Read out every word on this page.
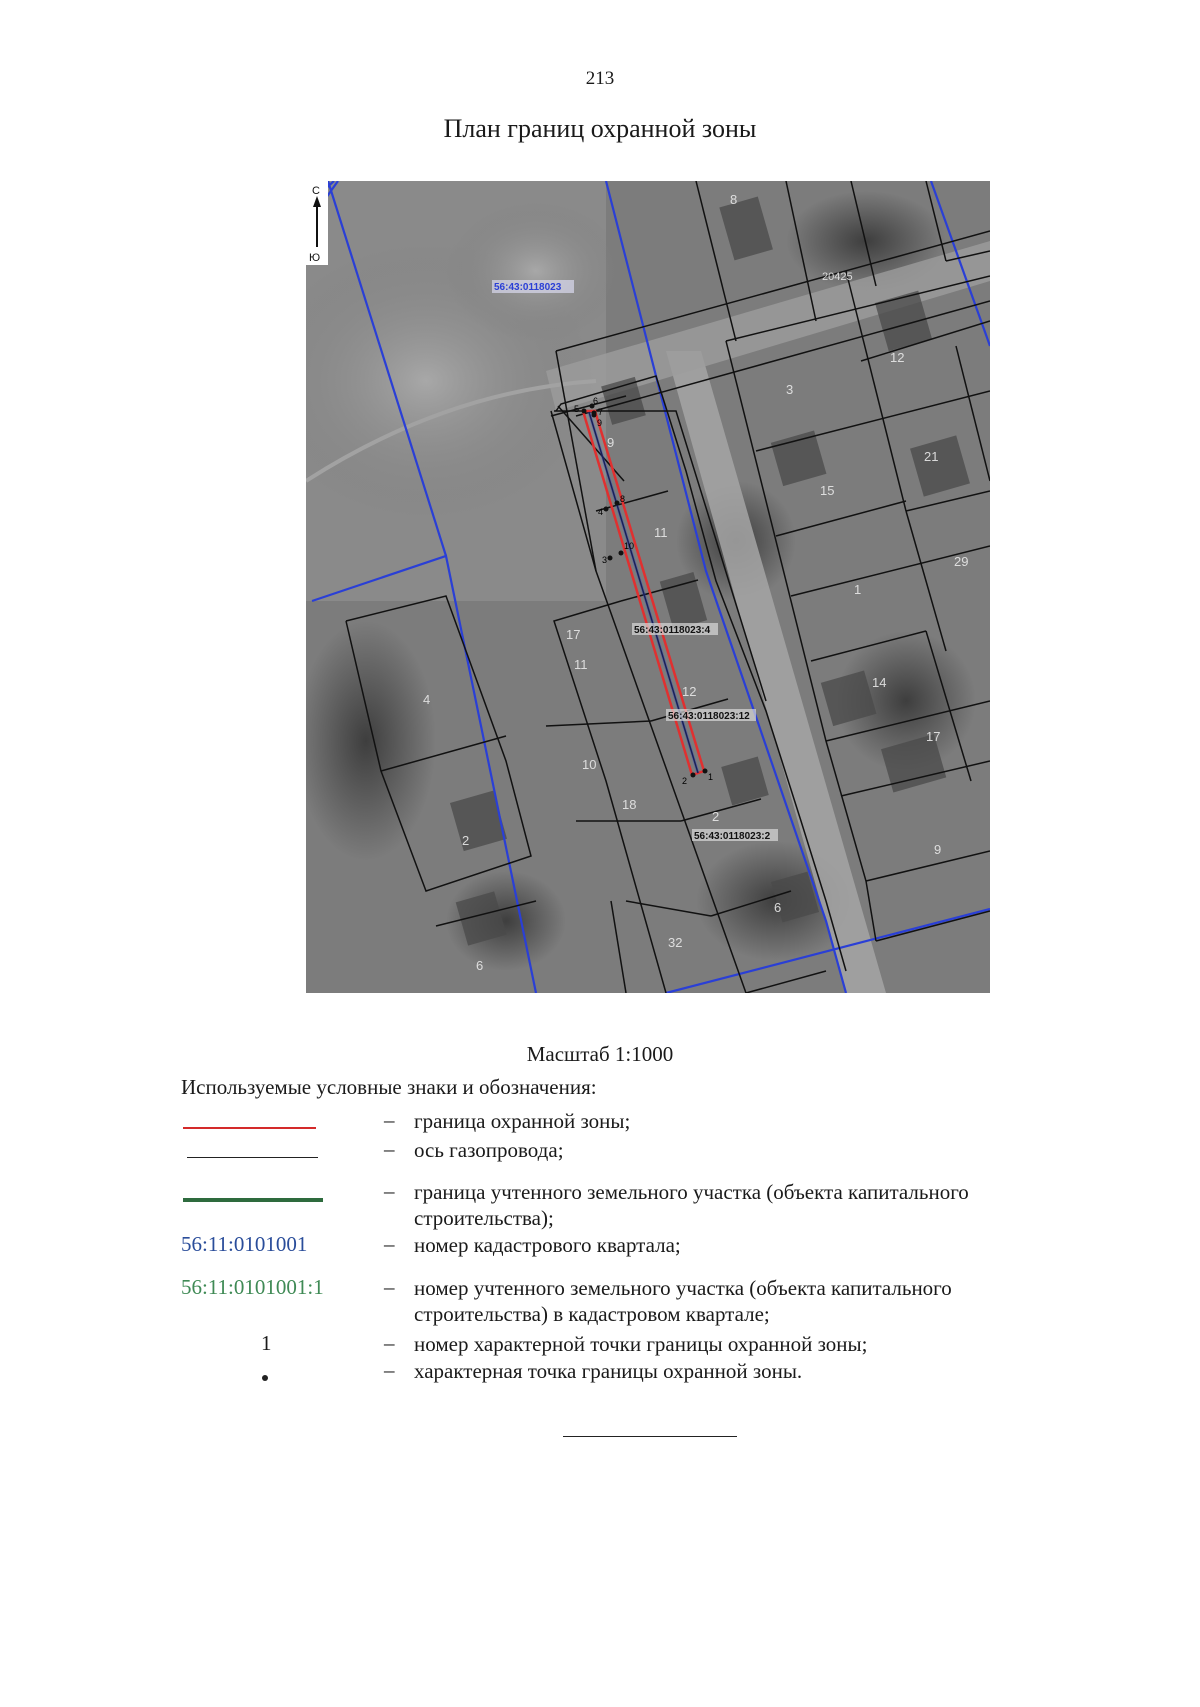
213
План границ охранной зоны
1
2
3
4
5
6
7
8
9
10
8
20425
12
3
21
15
29
1
9
14
17
9
11
12
17
11
4
10
18
2
2
6
32
6
56:43:0118023:4
56:43:0118023:12
56:43:0118023:2
56:43:0118023
С
Ю
Масштаб 1:1000
Используемые условные знаки и обозначения:
– граница охранной зоны;
– ось газопровода;
– граница учтенного земельного участка (объекта капитального строительства);
56:11:0101001	– номер кадастрового квартала;
56:11:0101001:1	– номер учтенного земельного участка (объекта капитального строительства) в кадастровом квартале;
1	– номер характерной точки границы охранной зоны;
– характерная точка границы охранной зоны.
